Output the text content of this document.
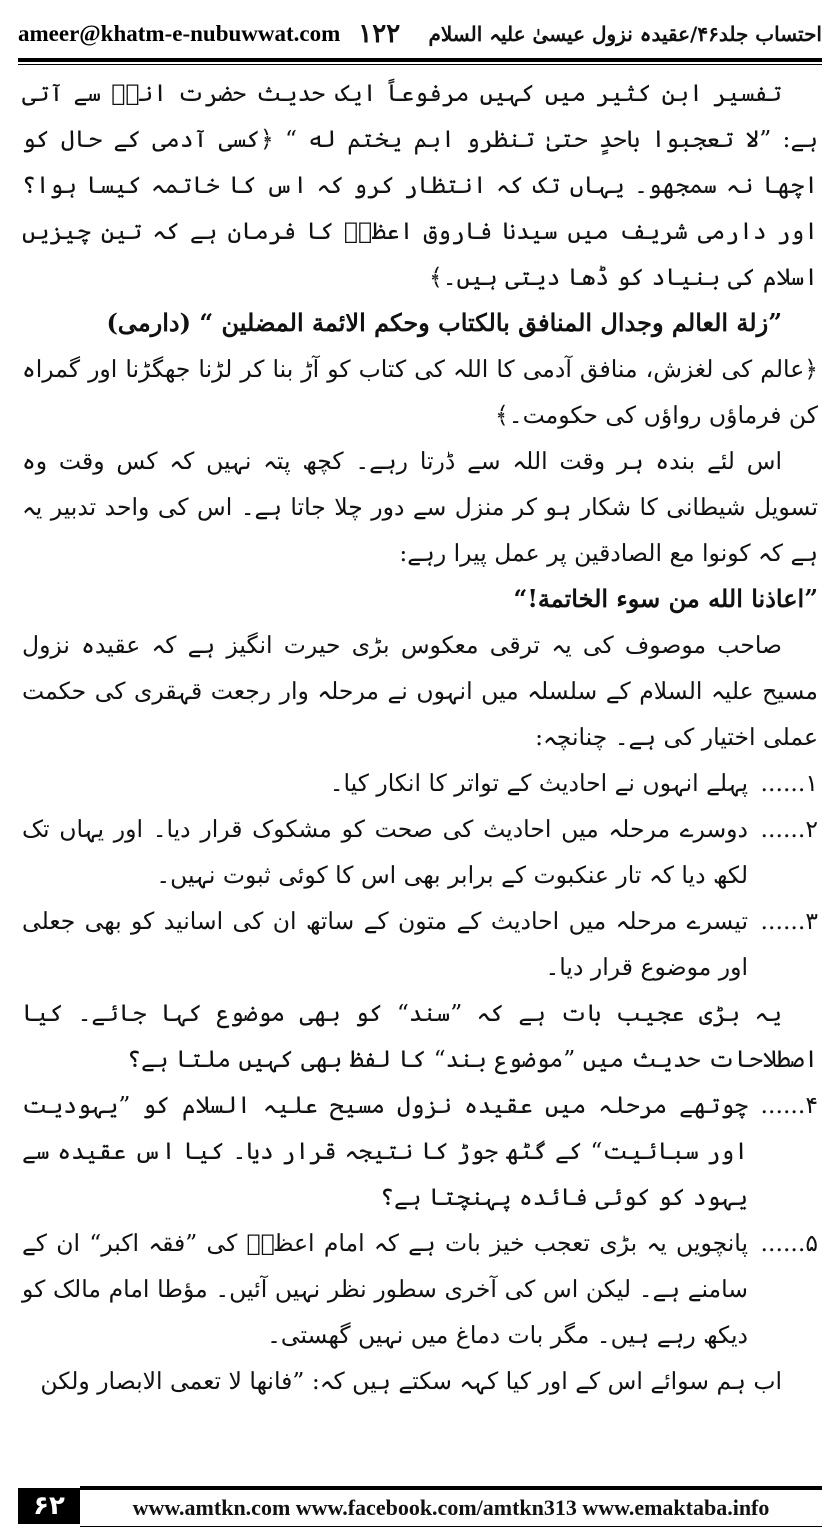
ameer@khatm-e-nubuwwat.com ۱۲۲ احتساب جلد۴۶/عقیدہ نزول عیسیٰ علیہ السلام

تفسیر ابن کثیر میں کہیں مرفوعاً ایک حدیث حضرت انسؓ سے آتی ہے: ”لا تعجبوا باحدٍ حتیٰ تنظرو ابم یختم له “ ﴿کسی آدمی کے حال کو اچھا نہ سمجھو۔ یہاں تک کہ انتظار کرو کہ اس کا خاتمہ کیسا ہوا؟ اور دارمی شریف میں سیدنا فاروق اعظمؓ کا فرمان ہے کہ تین چیزیں اسلام کی بنیاد کو ڈھا دیتی ہیں۔﴾

”زلة العالم وجدال المنافق بالكتاب وحكم الائمة المضلين “ (دارمی)

﴿عالم کی لغزش، منافق آدمی کا اللہ کی کتاب کو آڑ بنا کر لڑنا جھگڑنا اور گمراہ کن فرماؤں رواؤں کی حکومت۔﴾

اس لئے بندہ ہر وقت اللہ سے ڈرتا رہے۔ کچھ پتہ نہیں کہ کس وقت وہ تسویل شیطانی کا شکار ہو کر منزل سے دور چلا جاتا ہے۔ اس کی واحد تدبیر یہ ہے کہ کونوا مع الصادقین پر عمل پیرا رہے:

”اعاذنا الله من سوء الخاتمة!“

صاحب موصوف کی یہ ترقی معکوس بڑی حیرت انگیز ہے کہ عقیدہ نزول مسیح علیہ السلام کے سلسلہ میں انہوں نے مرحلہ وار رجعت قہقری کی حکمت عملی اختیار کی ہے۔ چنانچہ:

۱......
پہلے انہوں نے احادیث کے تواتر کا انکار کیا۔
۲......
دوسرے مرحلہ میں احادیث کی صحت کو مشکوک قرار دیا۔ اور یہاں تک لکھ دیا کہ تار عنکبوت کے برابر بھی اس کا کوئی ثبوت نہیں۔
۳......
تیسرے مرحلہ میں احادیث کے متون کے ساتھ ان کی اسانید کو بھی جعلی اور موضوع قرار دیا۔

یہ بڑی عجیب بات ہے کہ ”سند“ کو بھی موضوع کہا جائے۔ کیا اصطلاحات حدیث میں ”موضوع بند“ کا لفظ بھی کہیں ملتا ہے؟

۴......
چوتھے مرحلہ میں عقیدہ نزول مسیح علیہ السلام کو ”یہودیت اور سبائیت“ کے گٹھ جوڑ کا نتیجہ قرار دیا۔ کیا اس عقیدہ سے یہود کو کوئی فائدہ پہنچتا ہے؟
۵......
پانچویں یہ بڑی تعجب خیز بات ہے کہ امام اعظمؓ کی ”فقہ اکبر“ ان کے سامنے ہے۔ لیکن اس کی آخری سطور نظر نہیں آئیں۔ مؤطا امام مالک کو دیکھ رہے ہیں۔ مگر بات دماغ میں نہیں گھستی۔

اب ہم سوائے اس کے اور کیا کہہ سکتے ہیں کہ: ”فانها لا تعمى الابصار ولكن

۶۲	www.amtkn.com www.facebook.com/amtkn313 www.emaktaba.info
